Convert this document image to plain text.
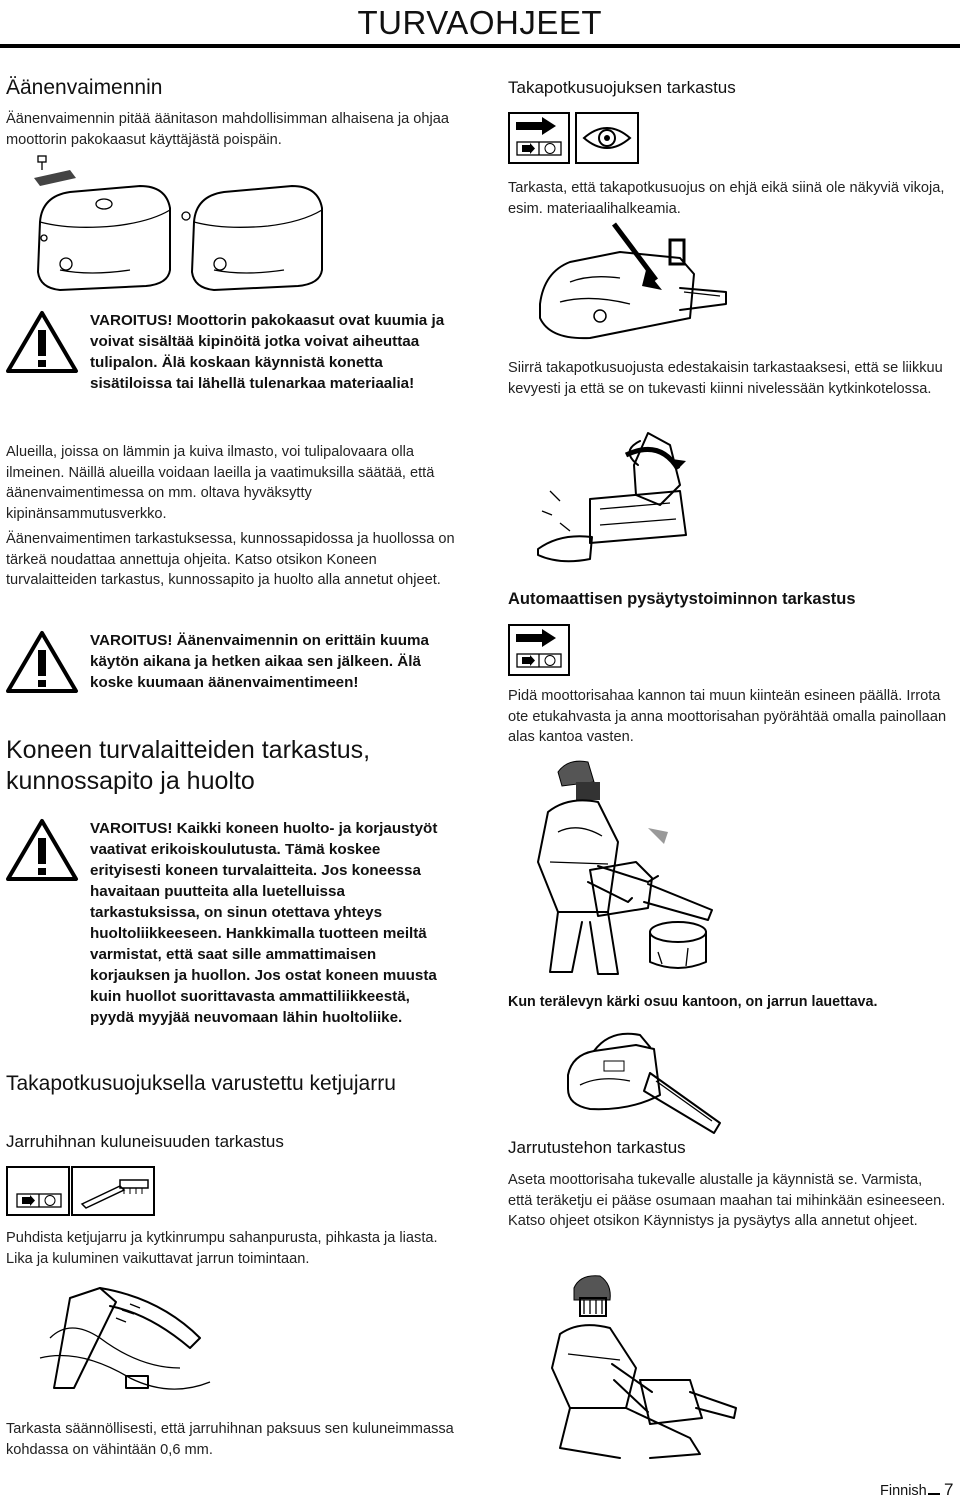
TURVAOHJEET
Äänenvaimennin
Äänenvaimennin pitää äänitason mahdollisimman alhaisena ja ohjaa moottorin pakokaasut käyttäjästä poispäin.
VAROITUS! Moottorin pakokaasut ovat kuumia ja voivat sisältää kipinöitä jotka voivat aiheuttaa tulipalon. Älä koskaan käynnistä konetta sisätiloissa tai lähellä tulenarkaa materiaalia!
Alueilla, joissa on lämmin ja kuiva ilmasto, voi tulipalovaara olla ilmeinen. Näillä alueilla voidaan laeilla ja vaatimuksilla säätää, että äänenvaimentimessa on mm. oltava hyväksytty kipinänsammutusverkko.
Äänenvaimentimen tarkastuksessa, kunnossapidossa ja huollossa on tärkeä noudattaa annettuja ohjeita. Katso otsikon Koneen turvalaitteiden tarkastus, kunnossapito ja huolto alla annetut ohjeet.
VAROITUS! Äänenvaimennin on erittäin kuuma käytön aikana ja hetken aikaa sen jälkeen. Älä koske kuumaan äänenvaimentimeen!
Koneen turvalaitteiden tarkastus, kunnossapito ja huolto
VAROITUS! Kaikki koneen huolto- ja korjaustyöt vaativat erikoiskoulutusta. Tämä koskee erityisesti koneen turvalaitteita. Jos koneessa havaitaan puutteita alla luetelluissa tarkastuksissa, on sinun otettava yhteys huoltoliikkeeseen. Hankkimalla tuotteen meiltä varmistat, että saat sille ammattimaisen korjauksen ja huollon. Jos ostat koneen muusta kuin huollot suorittavasta ammattiliikkeestä, pyydä myyjää neuvomaan lähin huoltoliike.
Takapotkusuojuksella varustettu ketjujarru
Jarruhihnan kuluneisuuden tarkastus
Puhdista ketjujarru ja kytkinrumpu sahanpurusta, pihkasta ja liasta. Lika ja kuluminen vaikuttavat jarrun toimintaan.
Tarkasta säännöllisesti, että jarruhihnan paksuus sen kuluneimmassa kohdassa on vähintään 0,6 mm.
Takapotkusuojuksen tarkastus
Tarkasta, että takapotkusuojus on ehjä eikä siinä ole näkyviä vikoja, esim. materiaalihalkeamia.
Siirrä takapotkusuojusta edestakaisin tarkastaaksesi, että se liikkuu kevyesti ja että se on tukevasti kiinni nivelessään kytkinkotelossa.
Automaattisen pysäytystoiminnon tarkastus
Pidä moottorisahaa kannon tai muun kiinteän esineen päällä. Irrota ote etukahvasta ja anna moottorisahan pyörähtää omalla painollaan alas kantoa vasten.
Kun terälevyn kärki osuu kantoon, on jarrun lauettava.
Jarrutustehon tarkastus
Aseta moottorisaha tukevalle alustalle ja käynnistä se. Varmista, että teräketju ei pääse osumaan maahan tai mihinkään esineeseen. Katso ohjeet otsikon Käynnistys ja pysäytys alla annetut ohjeet.
Finnish 7
